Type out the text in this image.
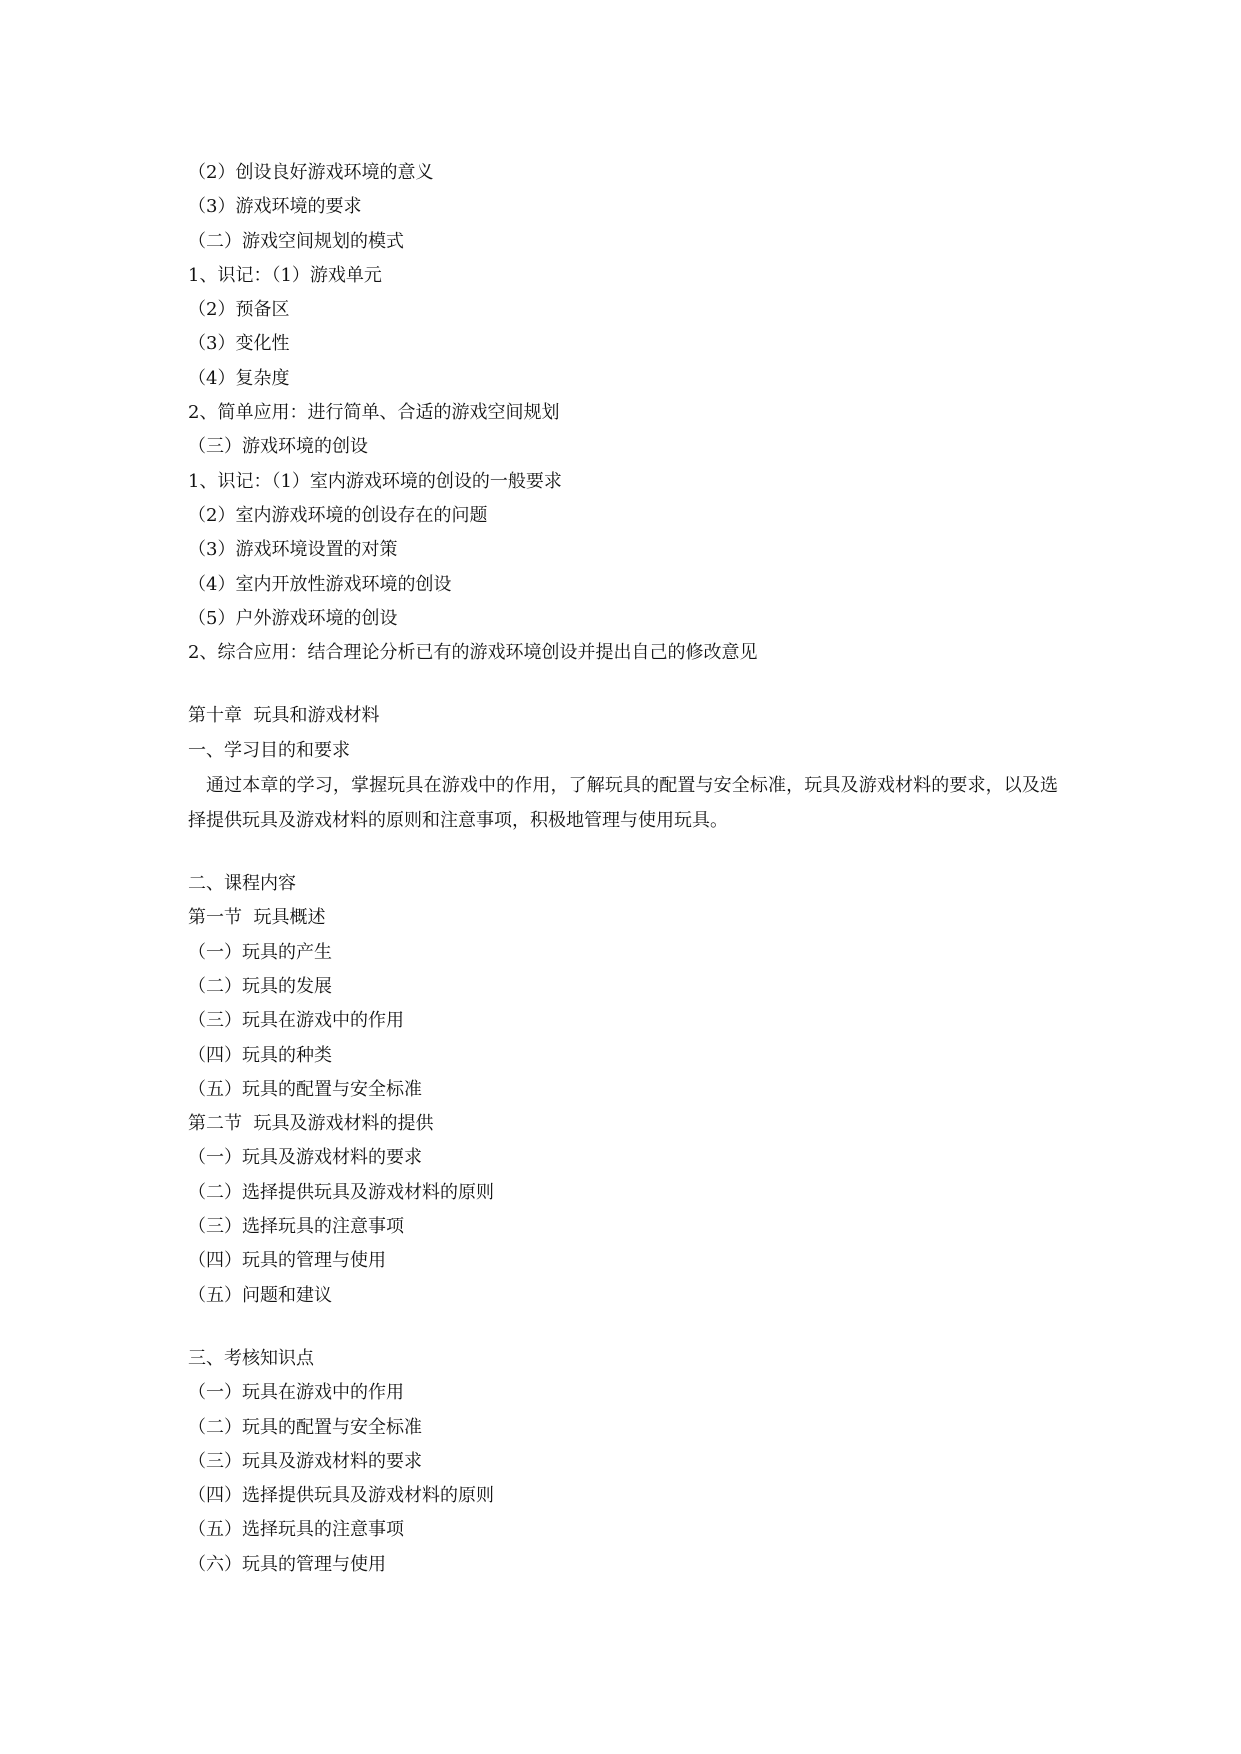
（2）创设良好游戏环境的意义
（3）游戏环境的要求
（二）游戏空间规划的模式
1、识记：（1）游戏单元
（2）预备区
（3）变化性
（4）复杂度
2、简单应用：进行简单、合适的游戏空间规划
（三）游戏环境的创设
1、识记：（1）室内游戏环境的创设的一般要求
（2）室内游戏环境的创设存在的问题
（3）游戏环境设置的对策
（4）室内开放性游戏环境的创设
（5）户外游戏环境的创设
2、综合应用：结合理论分析已有的游戏环境创设并提出自己的修改意见
第十章  玩具和游戏材料
一、学习目的和要求

通过本章的学习，掌握玩具在游戏中的作用，了解玩具的配置与安全标准，玩具及游戏材料的要求，以及选择提供玩具及游戏材料的原则和注意事项，积极地管理与使用玩具。

二、课程内容
第一节  玩具概述
（一）玩具的产生
（二）玩具的发展
（三）玩具在游戏中的作用
（四）玩具的种类
（五）玩具的配置与安全标准
第二节  玩具及游戏材料的提供
（一）玩具及游戏材料的要求
（二）选择提供玩具及游戏材料的原则
（三）选择玩具的注意事项
（四）玩具的管理与使用
（五）问题和建议
三、考核知识点
（一）玩具在游戏中的作用
（二）玩具的配置与安全标准
（三）玩具及游戏材料的要求
（四）选择提供玩具及游戏材料的原则
（五）选择玩具的注意事项
（六）玩具的管理与使用
